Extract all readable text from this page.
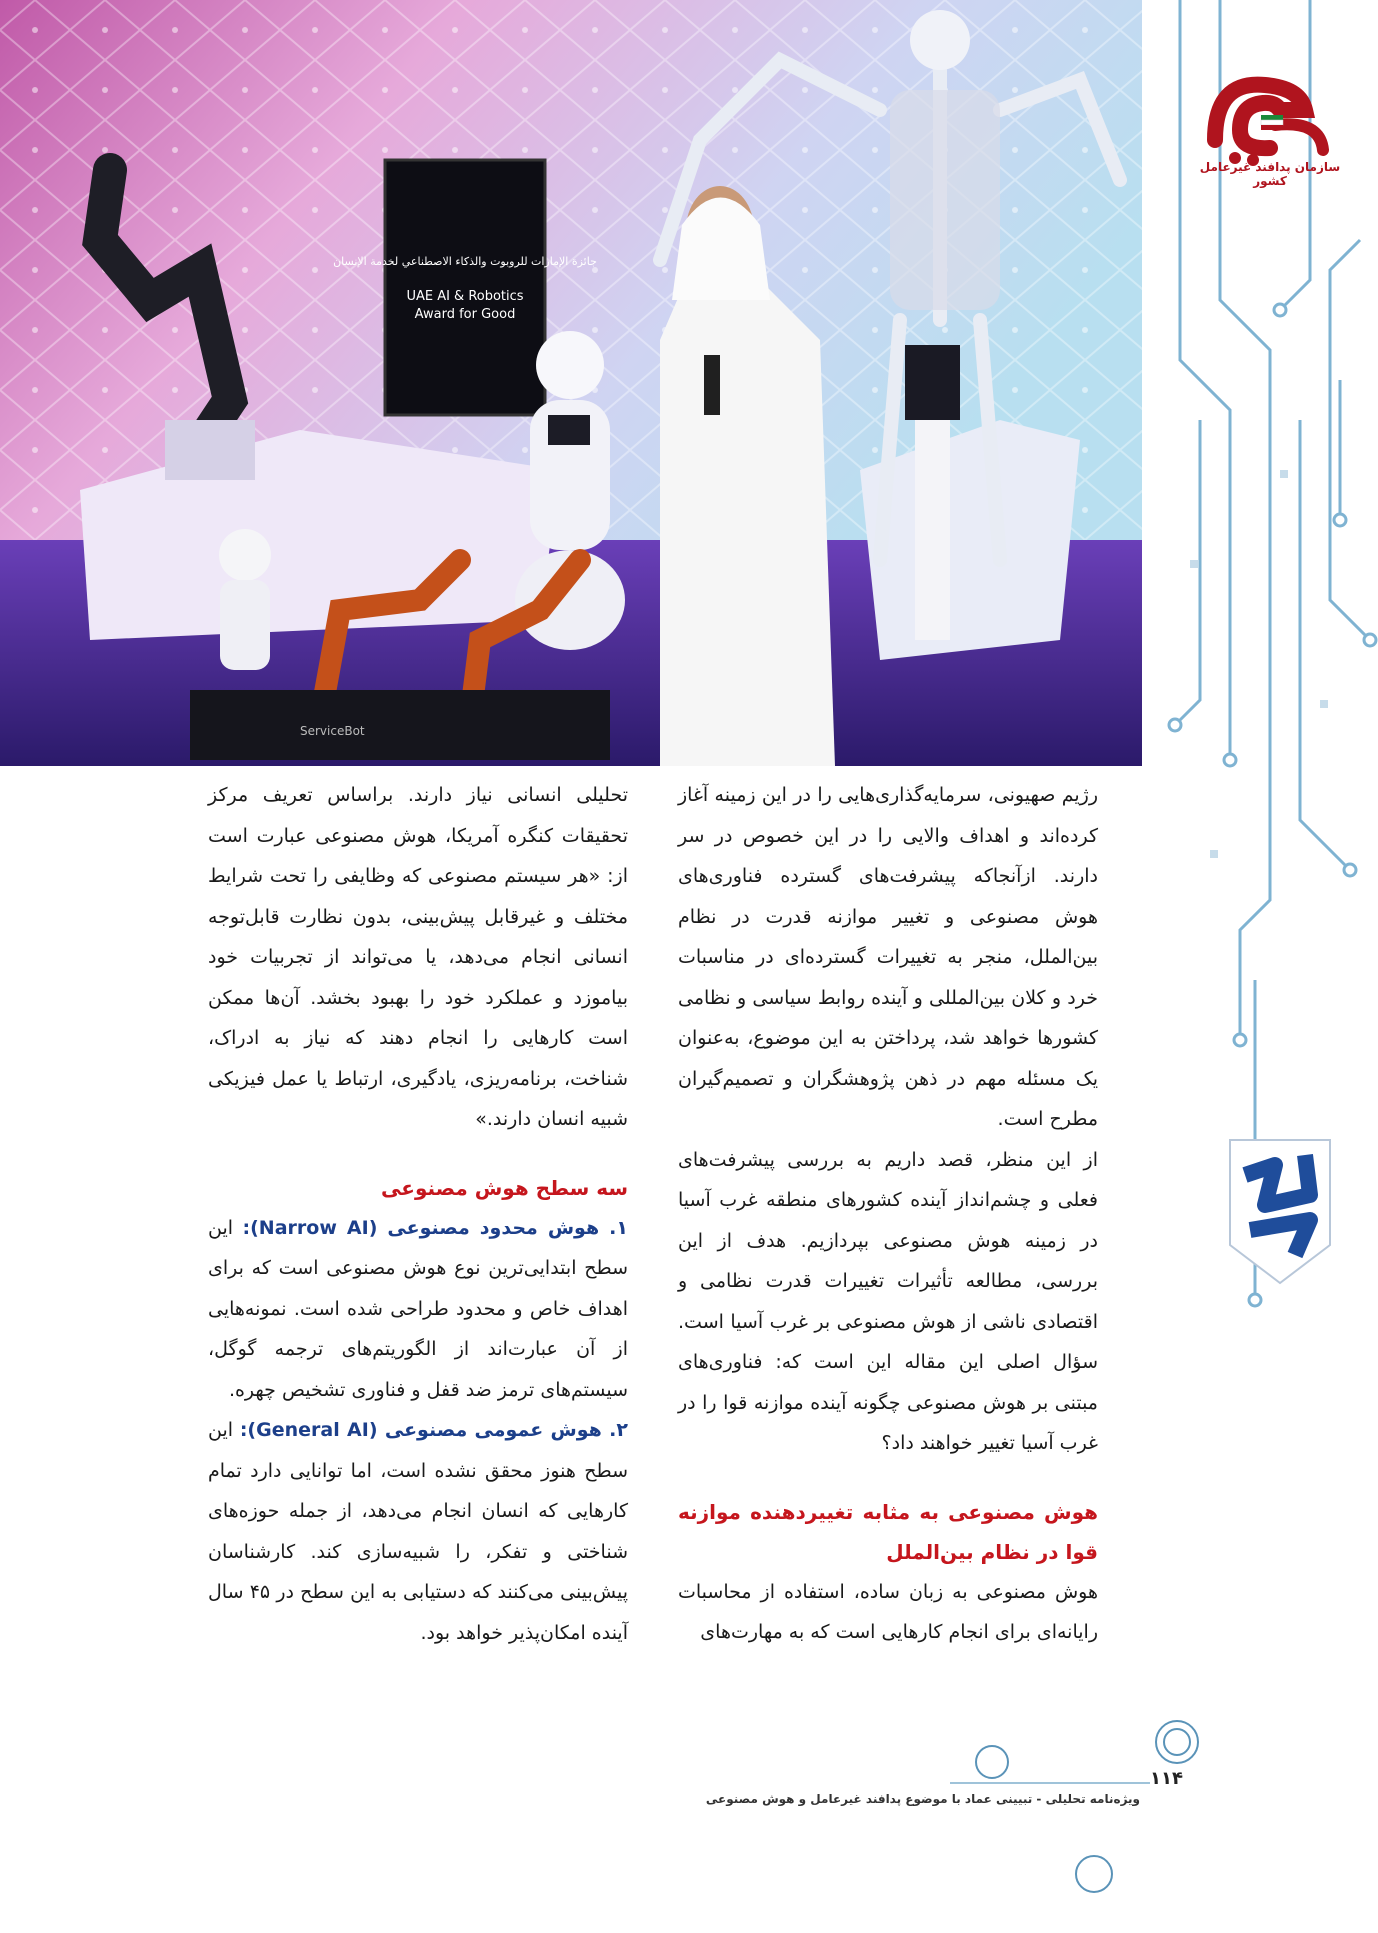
جائزة الإمارات للروبوت والذكاء الاصطناعي لخدمة الإنسان
UAE AI & Robotics
Award for Good
ServiceBot
سازمان پدافند غیرعامل کشور

رژیم صهیونی، سرمایه‌گذاری‌هایی را در این زمینه آغاز کرده‌اند و اهداف والایی را در این خصوص در سر دارند. ازآنجاکه پیشرفت‌های گسترده فناوری‌های هوش مصنوعی و تغییر موازنه قدرت در نظام بین‌الملل، منجر به تغییرات گسترده‌ای در مناسبات خرد و کلان بین‌المللی و آینده روابط سیاسی و نظامی کشورها خواهد شد، پرداختن به این موضوع، به‌عنوان یک مسئله مهم در ذهن پژوهشگران و تصمیم‌گیران مطرح است.

از این منظر، قصد داریم به بررسی پیشرفت‌های فعلی و چشم‌انداز آینده کشورهای منطقه غرب آسیا در زمینه هوش مصنوعی بپردازیم. هدف از این بررسی، مطالعه تأثیرات تغییرات قدرت نظامی و اقتصادی ناشی از هوش مصنوعی بر غرب آسیا است. سؤال اصلی این مقاله این است که: فناوری‌های مبتنی بر هوش مصنوعی چگونه آینده موازنه قوا را در غرب آسیا تغییر خواهند داد؟

هوش مصنوعی به مثابه تغییردهنده موازنه قوا در نظام بین‌الملل

هوش مصنوعی به زبان ساده، استفاده از محاسبات رایانه‌ای برای انجام کارهایی است که به مهارت‌های

تحلیلی انسانی نیاز دارند. براساس تعریف مرکز تحقیقات کنگره آمریکا، هوش مصنوعی عبارت است از: «هر سیستم مصنوعی که وظایفی را تحت شرایط مختلف و غیرقابل پیش‌بینی، بدون نظارت قابل‌توجه انسانی انجام می‌دهد، یا می‌تواند از تجربیات خود بیاموزد و عملکرد خود را بهبود بخشد. آن‌ها ممکن است کارهایی را انجام دهند که نیاز به ادراک، شناخت، برنامه‌ریزی، یادگیری، ارتباط یا عمل فیزیکی شبیه انسان دارند.»

سه سطح هوش مصنوعی

۱. هوش محدود مصنوعی (Narrow AI): این سطح ابتدایی‌ترین نوع هوش مصنوعی است که برای اهداف خاص و محدود طراحی شده است. نمونه‌هایی از آن عبارت‌اند از الگوریتم‌های ترجمه گوگل، سیستم‌های ترمز ضد قفل و فناوری تشخیص چهره.

۲. هوش عمومی مصنوعی (General AI): این سطح هنوز محقق نشده است، اما توانایی دارد تمام کارهایی که انسان انجام می‌دهد، از جمله حوزه‌های شناختی و تفکر، را شبیه‌سازی کند. کارشناسان پیش‌بینی می‌کنند که دستیابی به این سطح در ۴۵ سال آینده امکان‌پذیر خواهد بود.

۱۱۴
ویژه‌نامه تحلیلی - تبیینی عماد با موضوع پدافند غیرعامل و هوش مصنوعی
